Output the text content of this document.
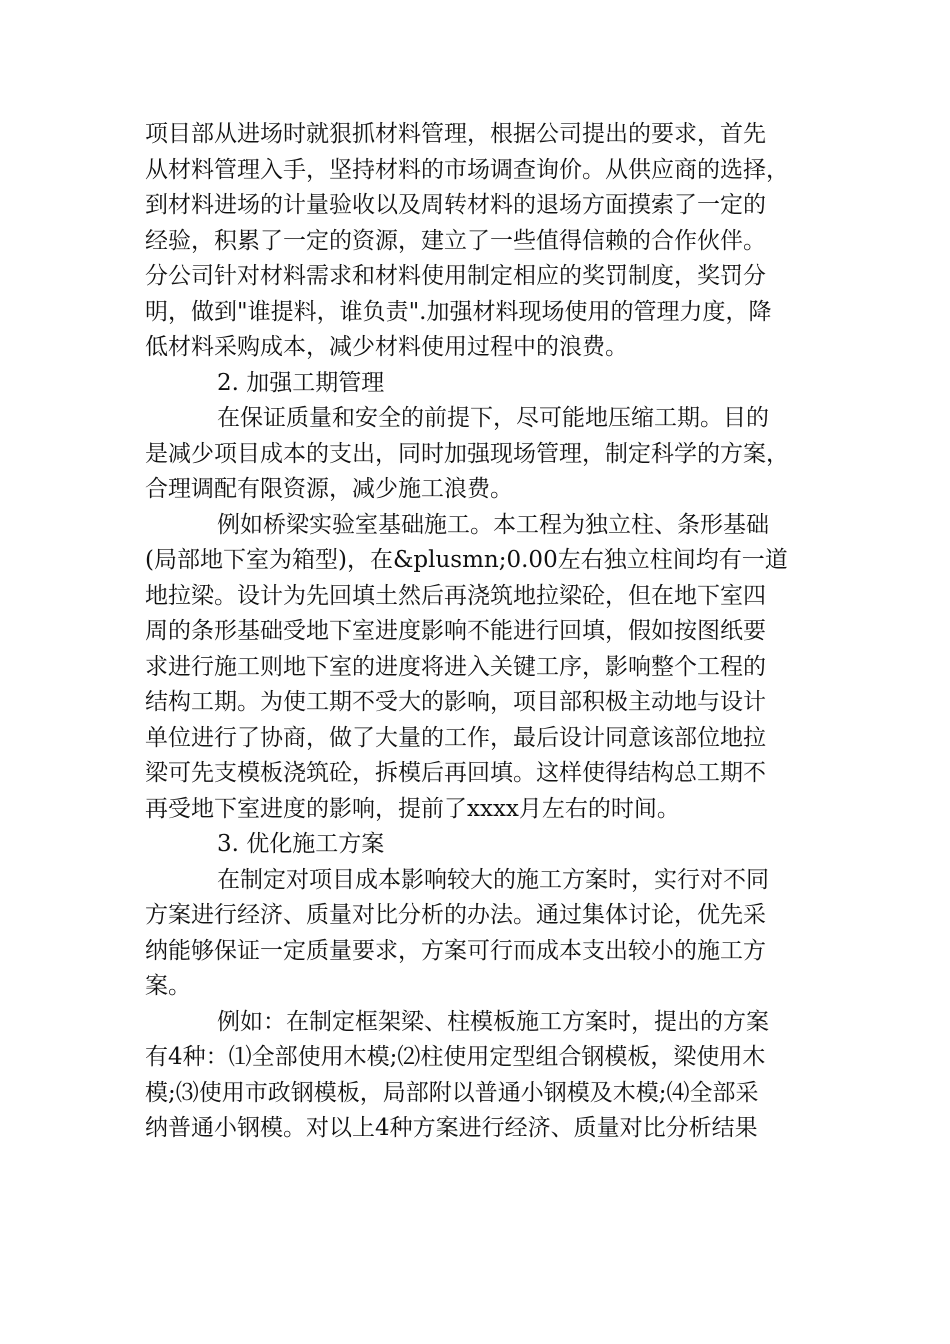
项目部从进场时就狠抓材料管理，根据公司提出的要求，首先
从材料管理入手，坚持材料的市场调查询价。从供应商的选择，
到材料进场的计量验收以及周转材料的退场方面摸索了一定的
经验，积累了一定的资源，建立了一些值得信赖的合作伙伴。
分公司针对材料需求和材料使用制定相应的奖罚制度，奖罚分
明，做到"谁提料，谁负责".加强材料现场使用的管理力度，降
低材料采购成本，减少材料使用过程中的浪费。
2. 加强工期管理
在保证质量和安全的前提下，尽可能地压缩工期。目的
是减少项目成本的支出，同时加强现场管理，制定科学的方案，
合理调配有限资源，减少施工浪费。
例如桥梁实验室基础施工。本工程为独立柱、条形基础
(局部地下室为箱型)，在&plusmn;0.00左右独立柱间均有一道
地拉梁。设计为先回填土然后再浇筑地拉梁砼，但在地下室四
周的条形基础受地下室进度影响不能进行回填，假如按图纸要
求进行施工则地下室的进度将进入关键工序，影响整个工程的
结构工期。为使工期不受大的影响，项目部积极主动地与设计
单位进行了协商，做了大量的工作，最后设计同意该部位地拉
梁可先支模板浇筑砼，拆模后再回填。这样使得结构总工期不
再受地下室进度的影响，提前了xxxx月左右的时间。
3. 优化施工方案
在制定对项目成本影响较大的施工方案时，实行对不同
方案进行经济、质量对比分析的办法。通过集体讨论，优先采
纳能够保证一定质量要求，方案可行而成本支出较小的施工方
案。
例如：在制定框架梁、柱模板施工方案时，提出的方案
有4种：⑴全部使用木模;⑵柱使用定型组合钢模板，梁使用木
模;⑶使用市政钢模板，局部附以普通小钢模及木模;⑷全部采
纳普通小钢模。对以上4种方案进行经济、质量对比分析结果
